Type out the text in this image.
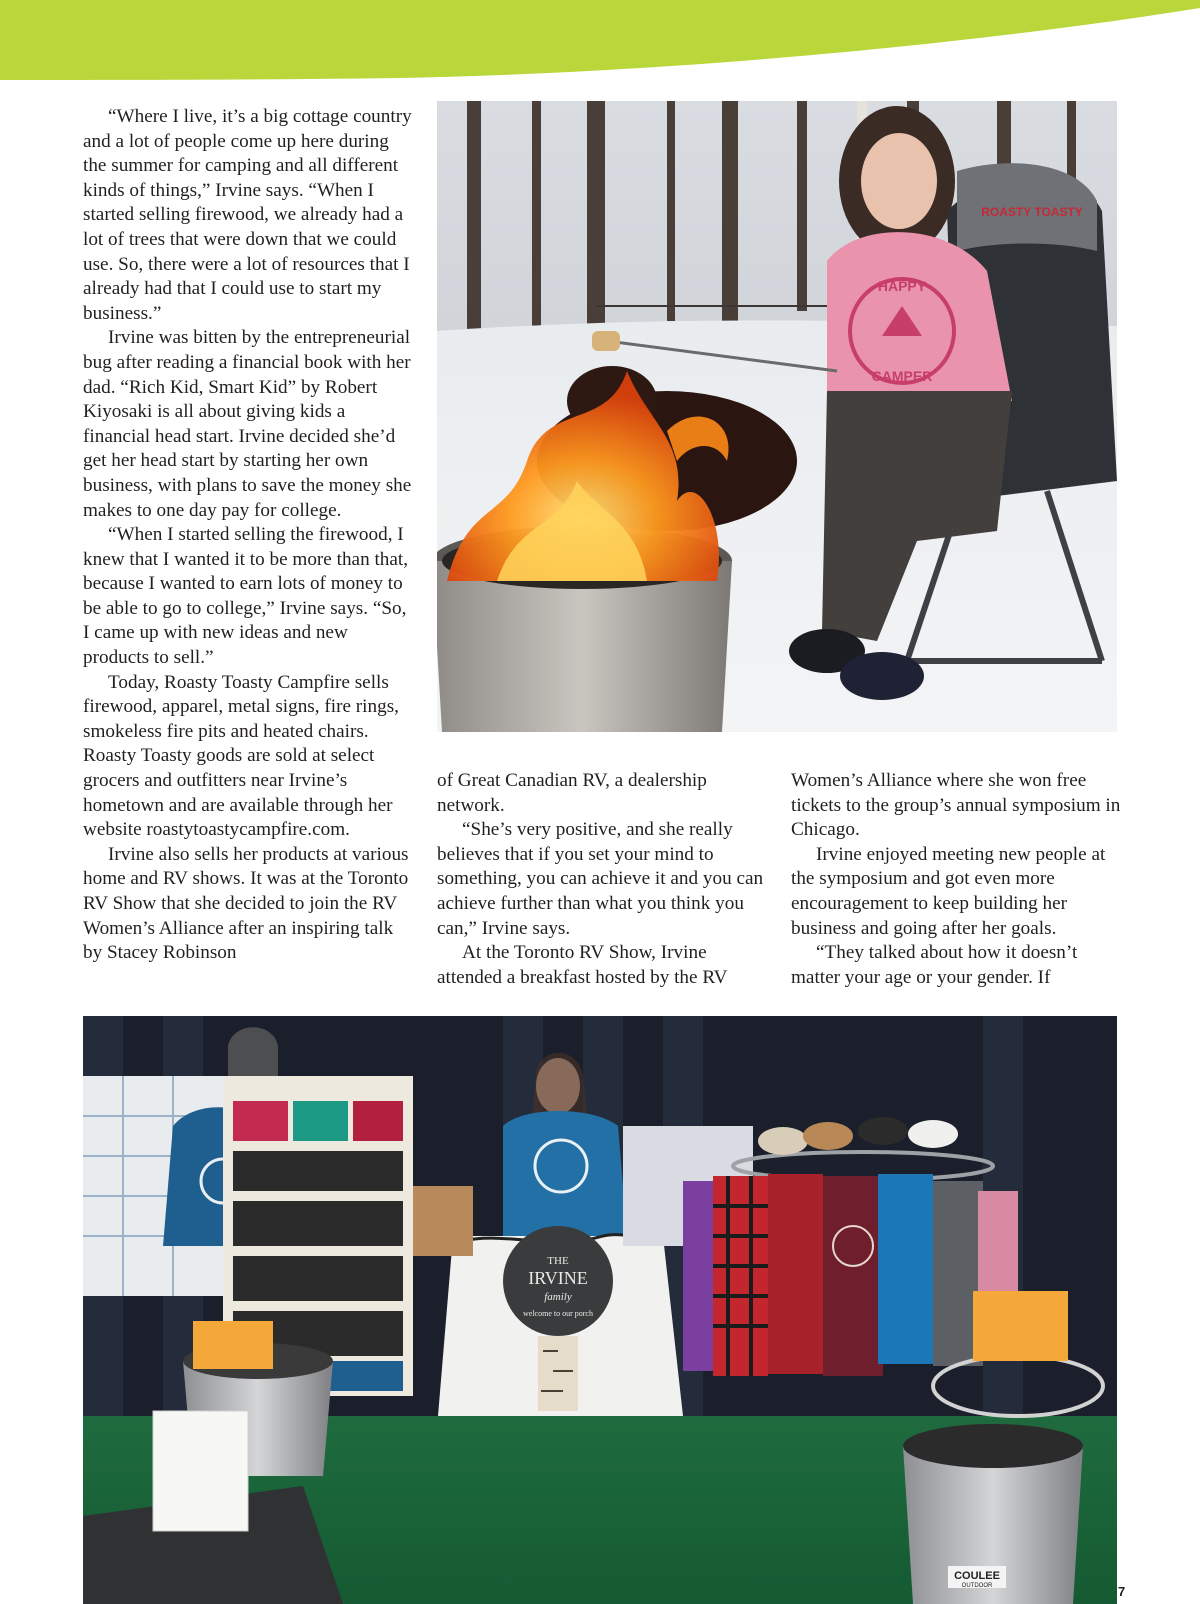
“Where I live, it’s a big cottage country and a lot of people come up here during the summer for camping and all different kinds of things,” Irvine says. “When I started selling firewood, we already had a lot of trees that were down that we could use. So, there were a lot of resources that I already had that I could use to start my business.”

Irvine was bitten by the entrepreneurial bug after reading a financial book with her dad. “Rich Kid, Smart Kid” by Robert Kiyosaki is all about giving kids a financial head start. Irvine decided she’d get her head start by starting her own business, with plans to save the money she makes to one day pay for college.

“When I started selling the firewood, I knew that I wanted it to be more than that, because I wanted to earn lots of money to be able to go to college,” Irvine says. “So, I came up with new ideas and new products to sell.”

Today, Roasty Toasty Campfire sells firewood, apparel, metal signs, fire rings, smokeless fire pits and heated chairs. Roasty Toasty goods are sold at select grocers and outfitters near Irvine’s hometown and are available through her website roastytoastycampfire.com.

Irvine also sells her products at various home and RV shows. It was at the Toronto RV Show that she decided to join the RV Women’s Alliance after an inspiring talk by Stacey Robinson

ROASTY TOASTY
HAPPY
CAMPER

of Great Canadian RV, a dealership network.

“She’s very positive, and she really believes that if you set your mind to something, you can achieve it and you can achieve further than what you think you can,” Irvine says.

At the Toronto RV Show, Irvine attended a breakfast hosted by the RV

Women’s Alliance where she won free tickets to the group’s annual symposium in Chicago.

Irvine enjoyed meeting new people at the symposium and got even more encouragement to keep building her business and going after her goals.

“They talked about how it doesn’t matter your age or your gender. If

THE
IRVINE
family
welcome to our porch
COULEE
OUTDOOR	7
